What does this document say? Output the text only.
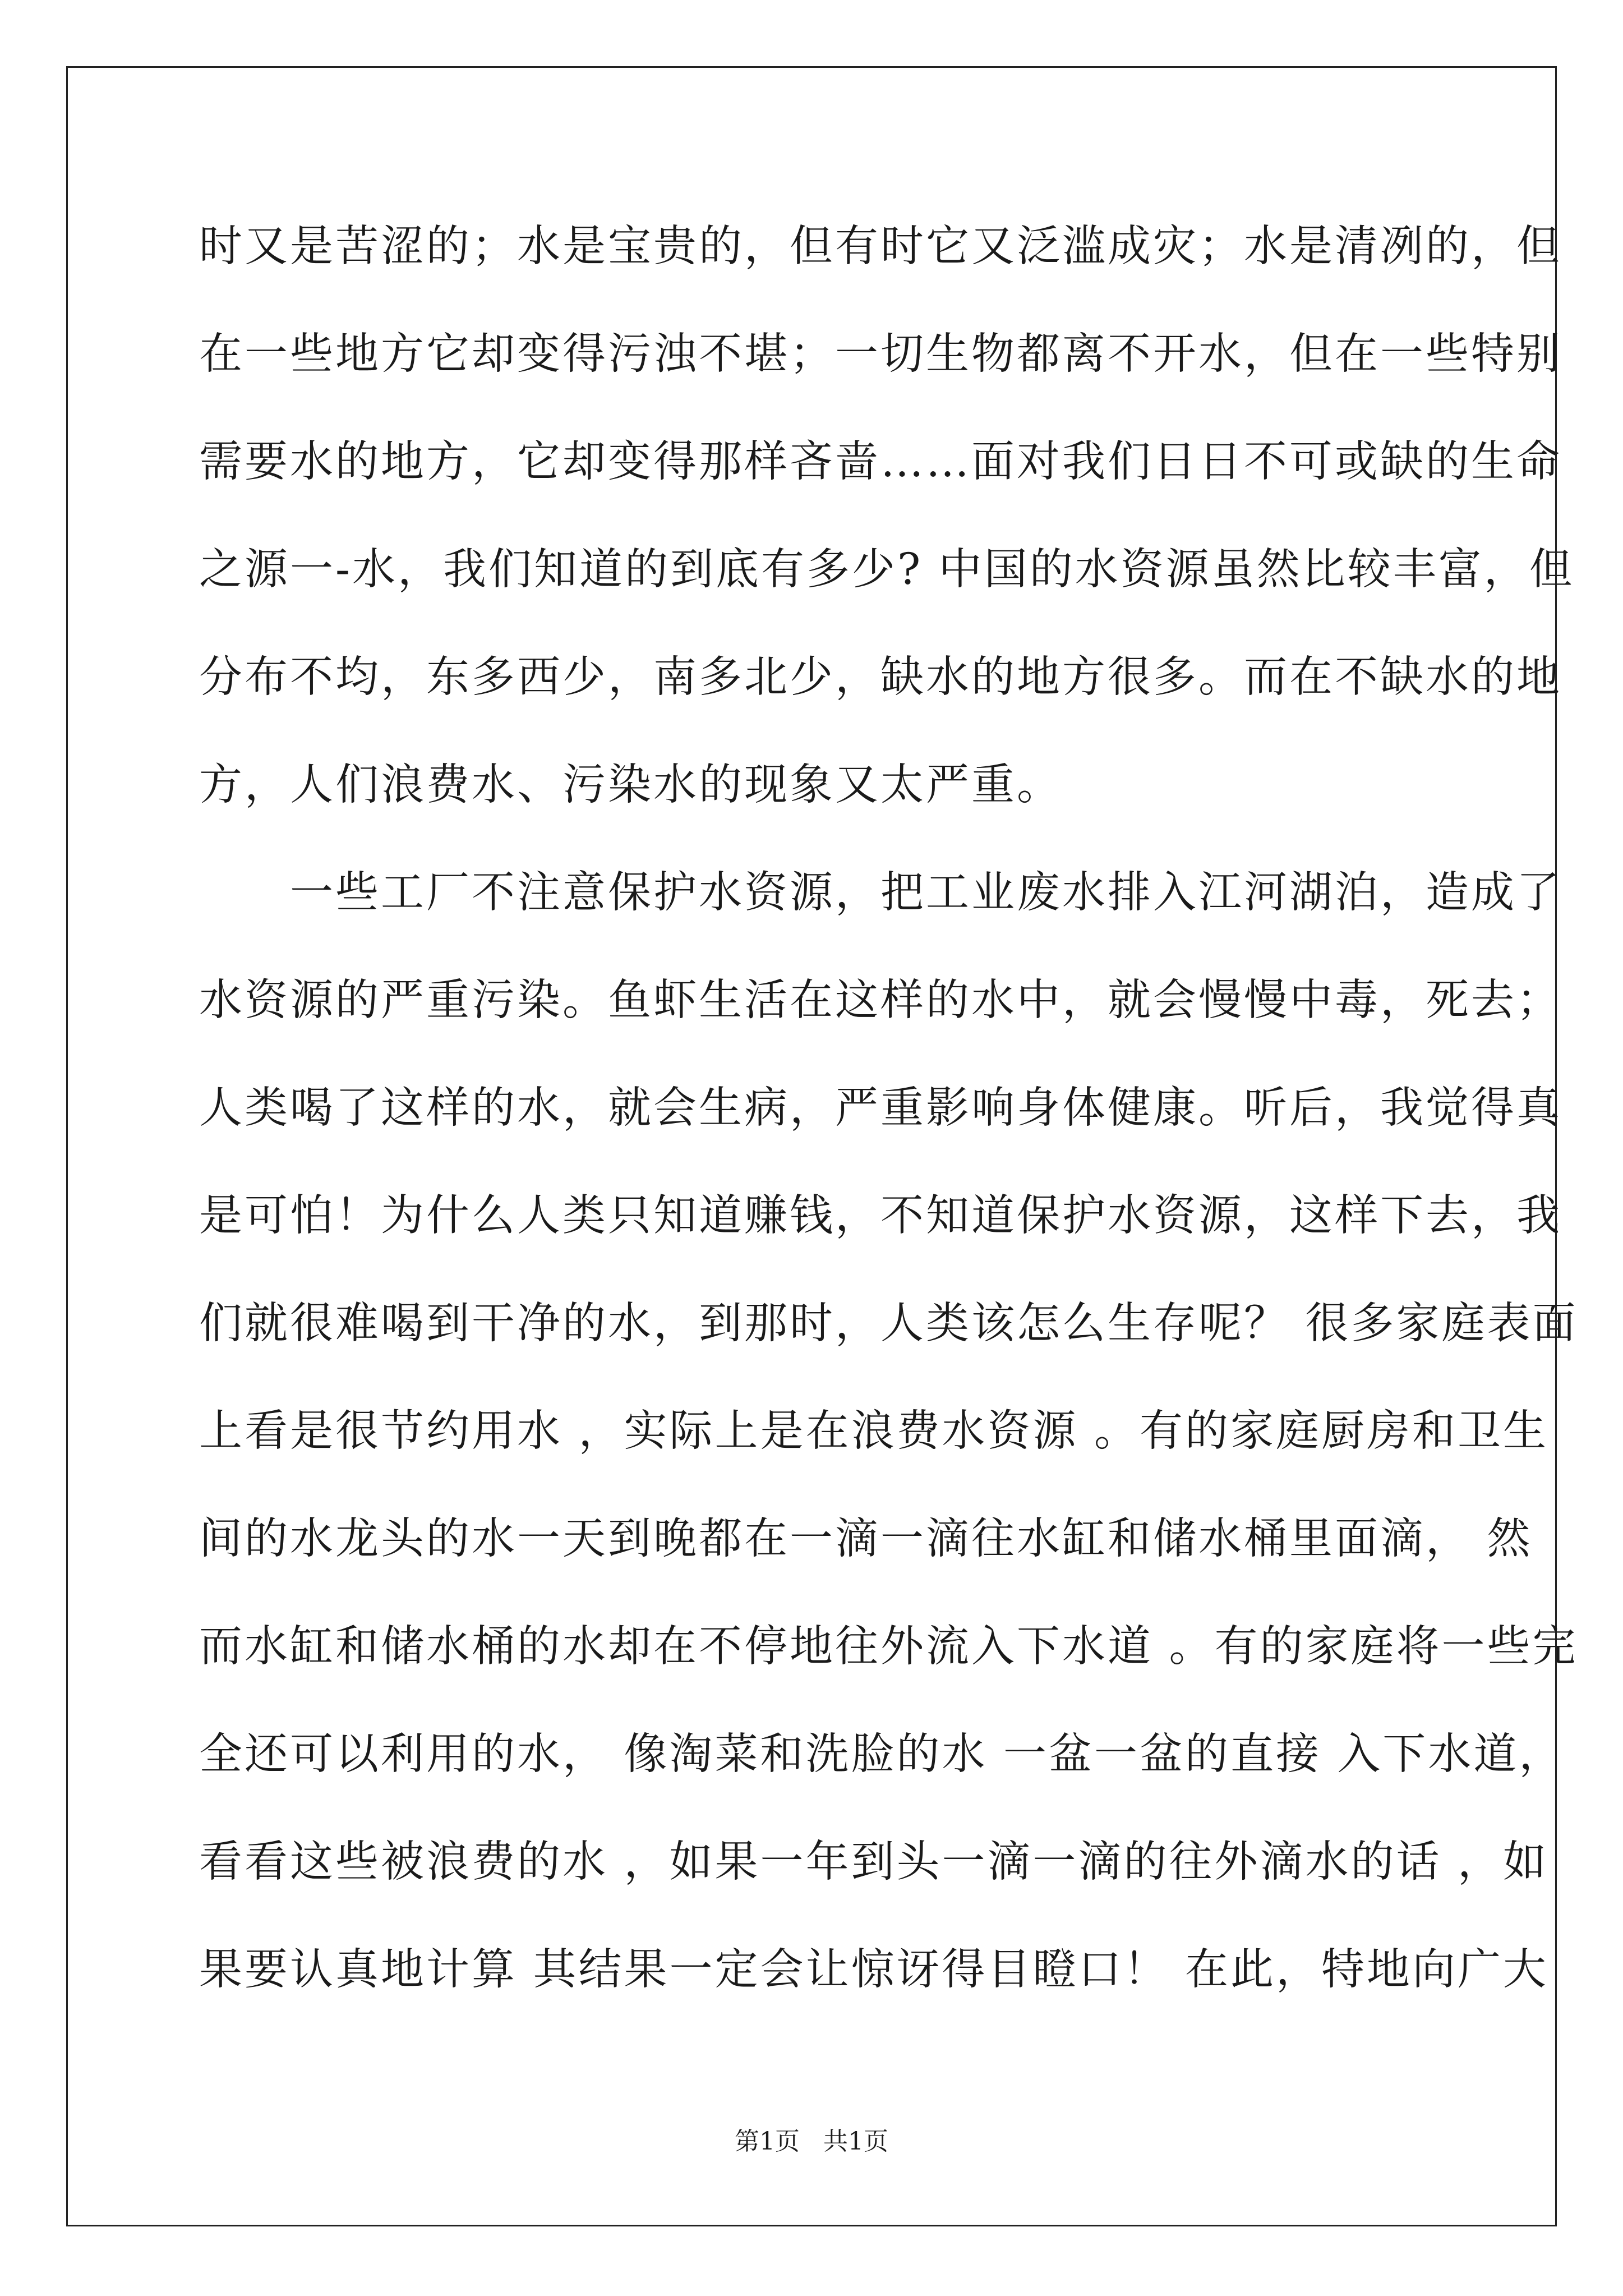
时又是苦涩的；水是宝贵的，但有时它又泛滥成灾；水是清冽的，但
在一些地方它却变得污浊不堪；一切生物都离不开水，但在一些特别
需要水的地方，它却变得那样吝啬……面对我们日日不可或缺的生命
之源一-水，我们知道的到底有多少? 中国的水资源虽然比较丰富，但
分布不均，东多西少，南多北少，缺水的地方很多。而在不缺水的地
方，人们浪费水、污染水的现象又太严重。
　　一些工厂不注意保护水资源，把工业废水排入江河湖泊，造成了
水资源的严重污染。鱼虾生活在这样的水中，就会慢慢中毒，死去；
人类喝了这样的水，就会生病，严重影响身体健康。听后，我觉得真
是可怕！为什么人类只知道赚钱，不知道保护水资源，这样下去，我
们就很难喝到干净的水，到那时，人类该怎么生存呢？ 很多家庭表面
上看是很节约用水 ，实际上是在浪费水资源 。有的家庭厨房和卫生
间的水龙头的水一天到晚都在一滴一滴往水缸和储水桶里面滴， 然
而水缸和储水桶的水却在不停地往外流入下水道 。有的家庭将一些完
全还可以利用的水， 像淘菜和洗脸的水 一盆一盆的直接 入下水道，
看看这些被浪费的水 ，如果一年到头一滴一滴的往外滴水的话 ，如
果要认真地计算 其结果一定会让惊讶得目瞪口！ 在此，特地向广大
第1页   共1页
